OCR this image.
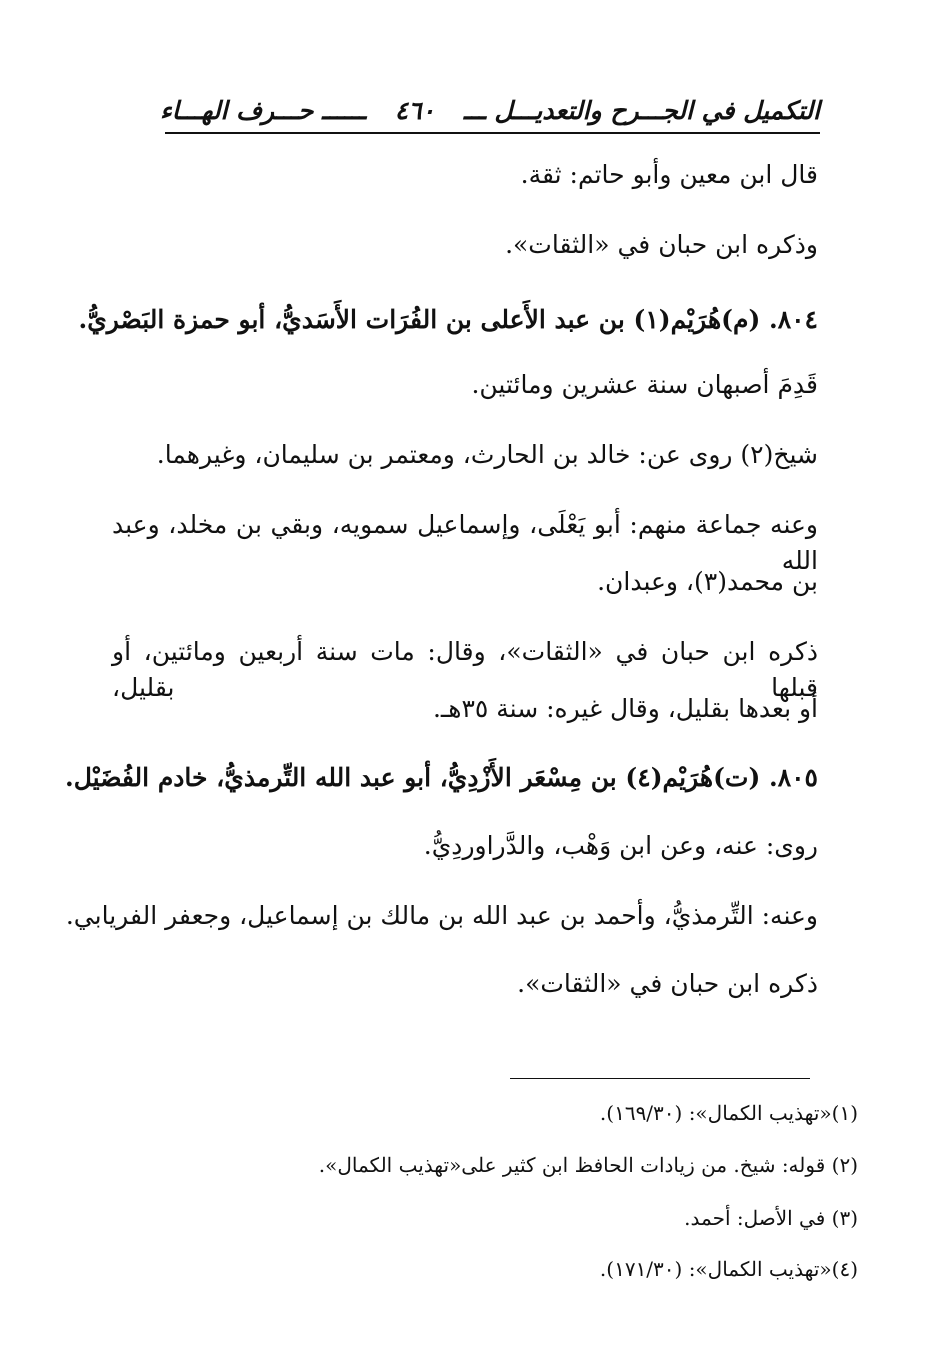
التكميل في الجـــرح والتعديـــل ـــ
٤٦٠
ــــــ حـــرف الهـــاء
قال ابن معين وأبو حاتم: ثقة.
وذكره ابن حبان في «الثقات».
٨٠٤. (م)هُرَيْم(١) بن عبد الأَعلى بن الفُرَات الأَسَديُّ، أبو حمزة البَصْريُّ.
قَدِمَ أصبهان سنة عشرين ومائتين.
شيخ(٢) روى عن: خالد بن الحارث، ومعتمر بن سليمان، وغيرهما.
وعنه جماعة منهم: أبو يَعْلَى، وإسماعيل سمويه، وبقي بن مخلد، وعبد الله
بن محمد(٣)، وعبدان.
ذكره ابن حبان في «الثقات»، وقال: مات سنة أربعين ومائتين، أو قبلها بقليل،
أو بعدها بقليل، وقال غيره: سنة ٣٥هـ.
٨٠٥. (ت)هُرَيْم(٤) بن مِسْعَر الأَزْدِيُّ، أبو عبد الله التِّرمذيُّ، خادم الفُضَيْل.
روى: عنه، وعن ابن وَهْب، والدَّراوردِيُّ.
وعنه: التِّرمذيُّ، وأحمد بن عبد الله بن مالك بن إسماعيل، وجعفر الفريابي.
ذكره ابن حبان في «الثقات».
(١)«تهذيب الكمال»: (١٦٩/٣٠).
(٢) قوله: شيخ. من زيادات الحافظ ابن كثير على«تهذيب الكمال».
(٣) في الأصل: أحمد.
(٤)«تهذيب الكمال»: (١٧١/٣٠).
